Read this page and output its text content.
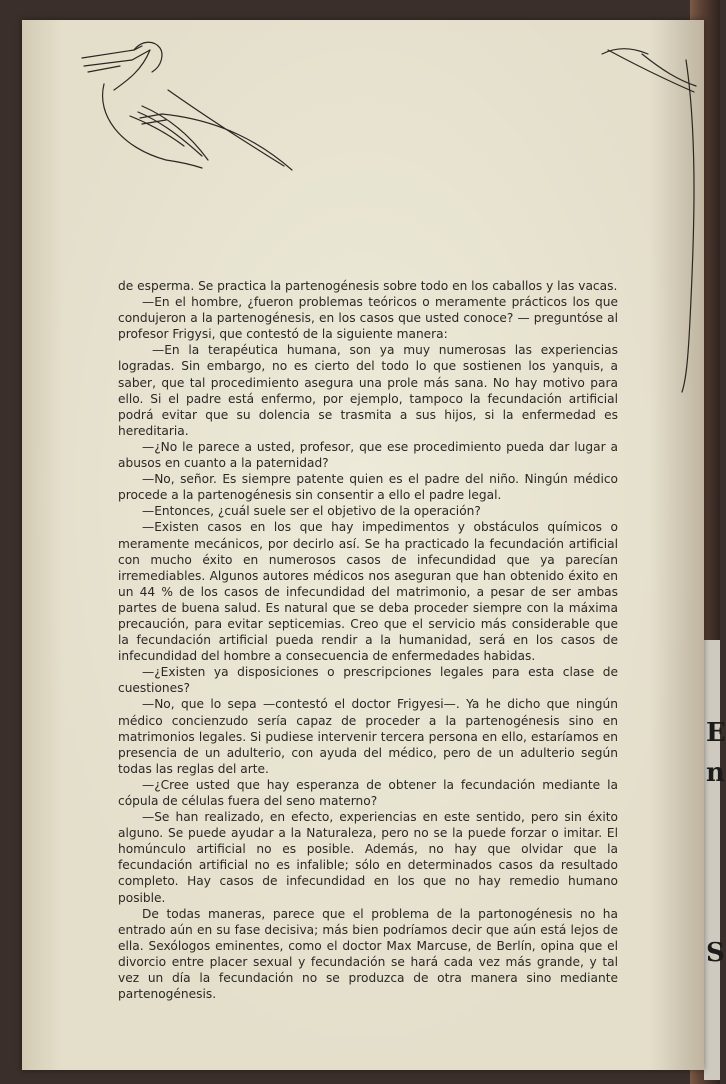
E
n
S

de esperma. Se practica la partenogénesis sobre todo en los caballos y las vacas.

—En el hombre, ¿fueron problemas teóricos o meramente prácticos los que condujeron a la partenogénesis, en los casos que usted conoce? — preguntóse al profesor Frigysi, que contestó de la siguiente manera:

—En la terapéutica humana, son ya muy numerosas las experiencias logradas. Sin embargo, no es cierto del todo lo que sostienen los yanquis, a saber, que tal procedimiento asegura una prole más sana. No hay motivo para ello. Si el padre está enfermo, por ejemplo, tampoco la fecundación artificial podrá evitar que su dolencia se trasmita a sus hijos, si la enfermedad es hereditaria.

—¿No le parece a usted, profesor, que ese procedimiento pueda dar lugar a abusos en cuanto a la paternidad?

—No, señor. Es siempre patente quien es el padre del niño. Ningún médico procede a la partenogénesis sin consentir a ello el padre legal.

—Entonces, ¿cuál suele ser el objetivo de la operación?

—Existen casos en los que hay impedimentos y obstáculos químicos o meramente mecánicos, por decirlo así. Se ha practicado la fecundación artificial con mucho éxito en numerosos casos de infecundidad que ya parecían irremediables. Algunos autores médicos nos aseguran que han obtenido éxito en un 44 % de los casos de infecundidad del matrimonio, a pesar de ser ambas partes de buena salud. Es natural que se deba proceder siempre con la máxima precaución, para evitar septicemias. Creo que el servicio más considerable que la fecundación artificial pueda rendir a la humanidad, será en los casos de infecundidad del hombre a consecuencia de enfermedades habidas.

—¿Existen ya disposiciones o prescripciones legales para esta clase de cuestiones?

—No, que lo sepa —contestó el doctor Frigyesi—. Ya he dicho que ningún médico concienzudo sería capaz de proceder a la partenogénesis sino en matrimonios legales. Si pudiese intervenir tercera persona en ello, estaríamos en presencia de un adulterio, con ayuda del médico, pero de un adulterio según todas las reglas del arte.

—¿Cree usted que hay esperanza de obtener la fecundación mediante la cópula de células fuera del seno materno?

—Se han realizado, en efecto, experiencias en este sentido, pero sin éxito alguno. Se puede ayudar a la Naturaleza, pero no se la puede forzar o imitar. El homúnculo artificial no es posible. Además, no hay que olvidar que la fecundación artificial no es infalible; sólo en determinados casos da resultado completo. Hay casos de infecundidad en los que no hay remedio humano posible.

De todas maneras, parece que el problema de la partonogénesis no ha entrado aún en su fase decisiva; más bien podríamos decir que aún está lejos de ella. Sexólogos eminentes, como el doctor Max Marcuse, de Berlín, opina que el divorcio entre placer sexual y fecundación se hará cada vez más grande, y tal vez un día la fecundación no se produzca de otra manera sino mediante partenogénesis.
